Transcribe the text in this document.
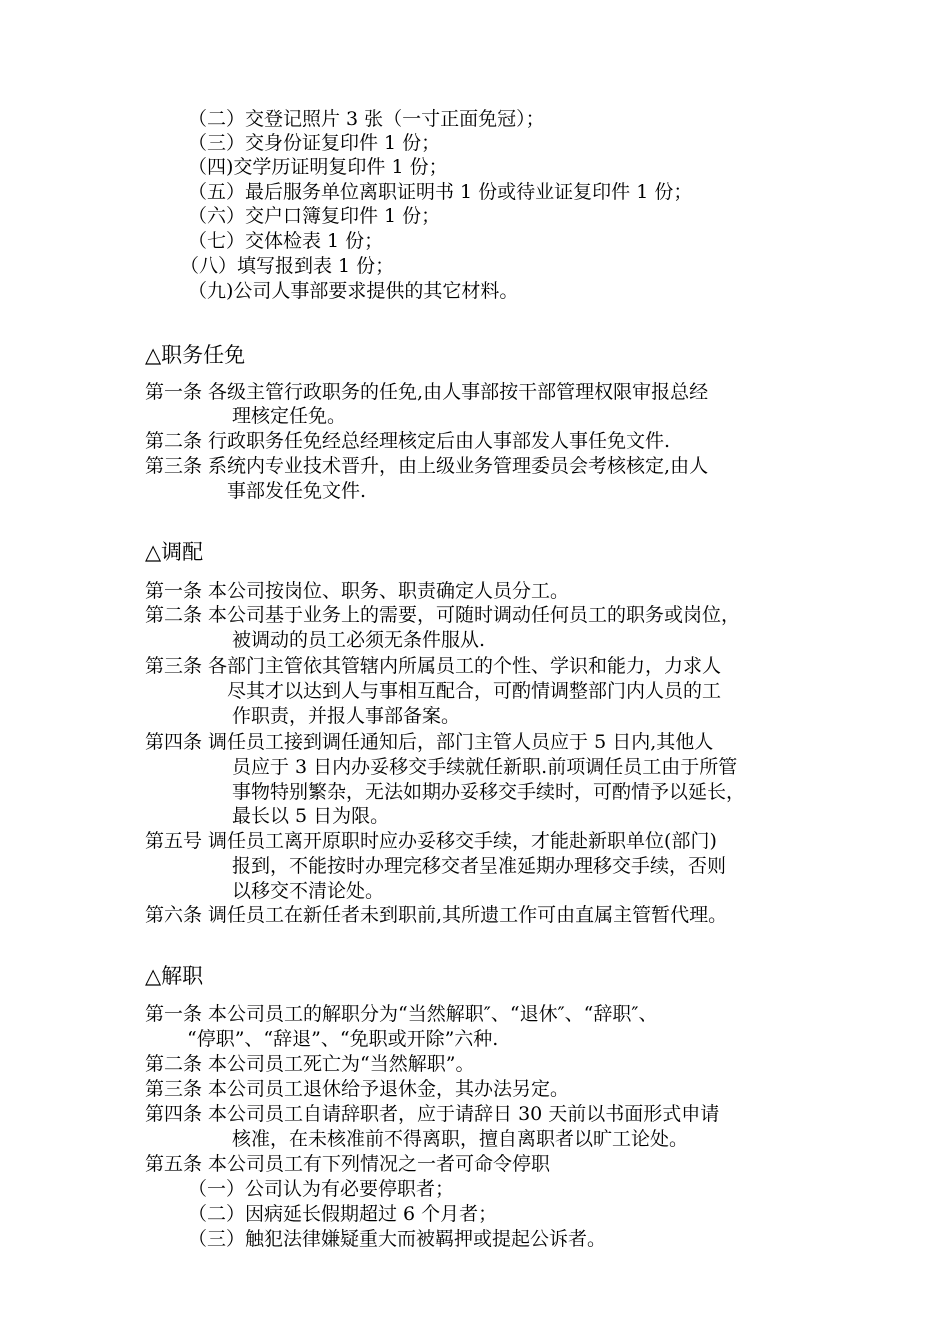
（二）交登记照片 3 张（一寸正面免冠）；
（三）交身份证复印件 1 份；
（四)交学历证明复印件 1 份；
（五）最后服务单位离职证明书 1 份或待业证复印件 1 份；
（六）交户口簿复印件 1 份；
（七）交体检表 1 份；
（八）填写报到表 1 份；
（九)公司人事部要求提供的其它材料。
△职务任免
第一条 各级主管行政职务的任免,由人事部按干部管理权限审报总经
理核定任免。
第二条 行政职务任免经总经理核定后由人事部发人事任免文件.
第三条 系统内专业技术晋升，由上级业务管理委员会考核核定,由人
事部发任免文件.
△调配
第一条 本公司按岗位、职务、职责确定人员分工。
第二条 本公司基于业务上的需要，可随时调动任何员工的职务或岗位，
被调动的员工必须无条件服从.
第三条 各部门主管依其管辖内所属员工的个性、学识和能力，力求人
尽其才以达到人与事相互配合，可酌情调整部门内人员的工
作职责，并报人事部备案。
第四条 调任员工接到调任通知后，部门主管人员应于 5 日内,其他人
员应于 3 日内办妥移交手续就任新职.前项调任员工由于所管
事物特别繁杂，无法如期办妥移交手续时，可酌情予以延长，
最长以 5 日为限。
第五号 调任员工离开原职时应办妥移交手续，才能赴新职单位(部门)
报到，不能按时办理完移交者呈准延期办理移交手续，否则
以移交不清论处。
第六条 调任员工在新任者未到职前,其所遗工作可由直属主管暂代理。
△解职
第一条 本公司员工的解职分为“当然解职″、“退休″、“辞职″、
“停职”、“辞退”、“免职或开除”六种.
第二条 本公司员工死亡为“当然解职”。
第三条 本公司员工退休给予退休金，其办法另定。
第四条 本公司员工自请辞职者，应于请辞日 30 天前以书面形式申请
核准，在未核准前不得离职，擅自离职者以旷工论处。
第五条 本公司员工有下列情况之一者可命令停职
（一）公司认为有必要停职者；
（二）因病延长假期超过 6 个月者；
（三）触犯法律嫌疑重大而被羁押或提起公诉者。
